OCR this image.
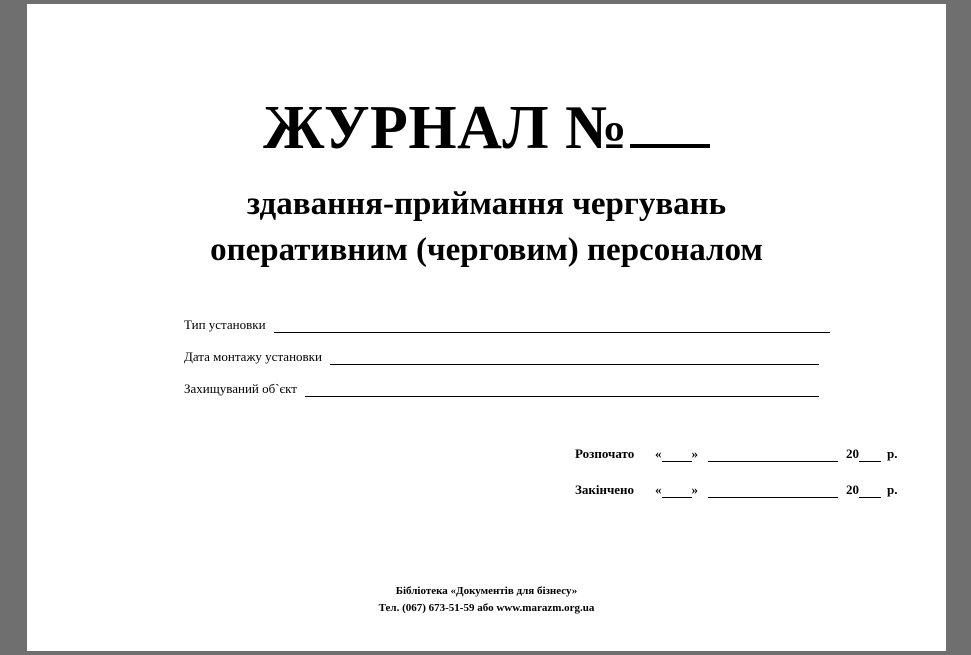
ЖУРНАЛ №
здавання-приймання чергувань
оперативним (черговим) персоналом
Тип установки
Дата монтажу установки
Захищуваний об`єкт
Розпочато	« »	20 р.
Закінчено	« »	20 р.
Бібліотека «Документів для бізнесу»
Тел. (067) 673-51-59 або www.marazm.org.ua
